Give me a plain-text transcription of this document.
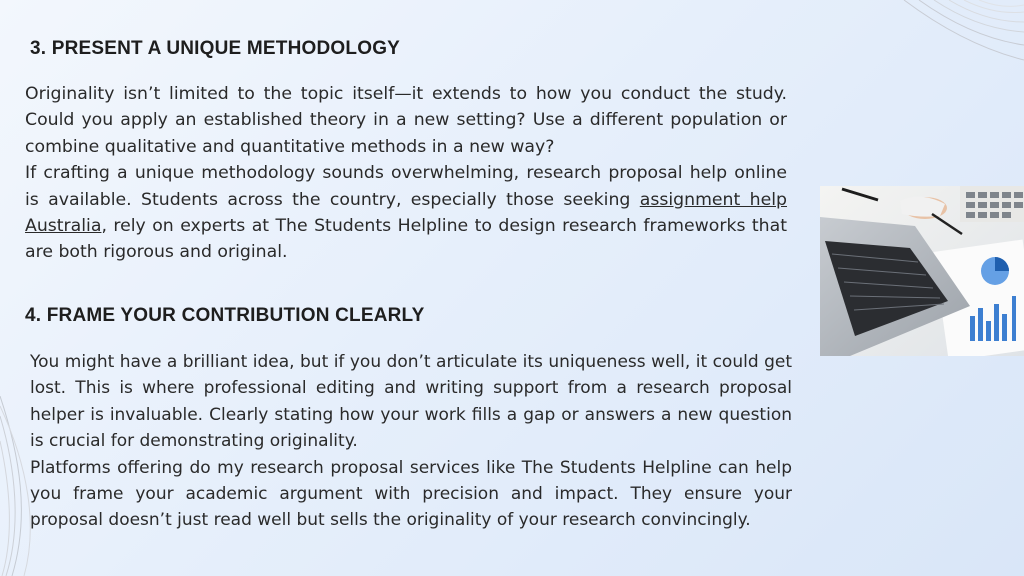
3. PRESENT A UNIQUE METHODOLOGY

Originality isn’t limited to the topic itself—it extends to how you conduct the study. Could you apply an established theory in a new setting? Use a different population or combine qualitative and quantitative methods in a new way?

If crafting a unique methodology sounds overwhelming, research proposal help online is available. Students across the country, especially those seeking assignment help Australia, rely on experts at The Students Helpline to design research frameworks that are both rigorous and original.

4. FRAME YOUR CONTRIBUTION CLEARLY

You might have a brilliant idea, but if you don’t articulate its uniqueness well, it could get lost. This is where professional editing and writing support from a research proposal helper is invaluable. Clearly stating how your work fills a gap or answers a new question is crucial for demonstrating originality.

Platforms offering do my research proposal services like The Students Helpline can help you frame your academic argument with precision and impact. They ensure your proposal doesn’t just read well but sells the originality of your research convincingly.
